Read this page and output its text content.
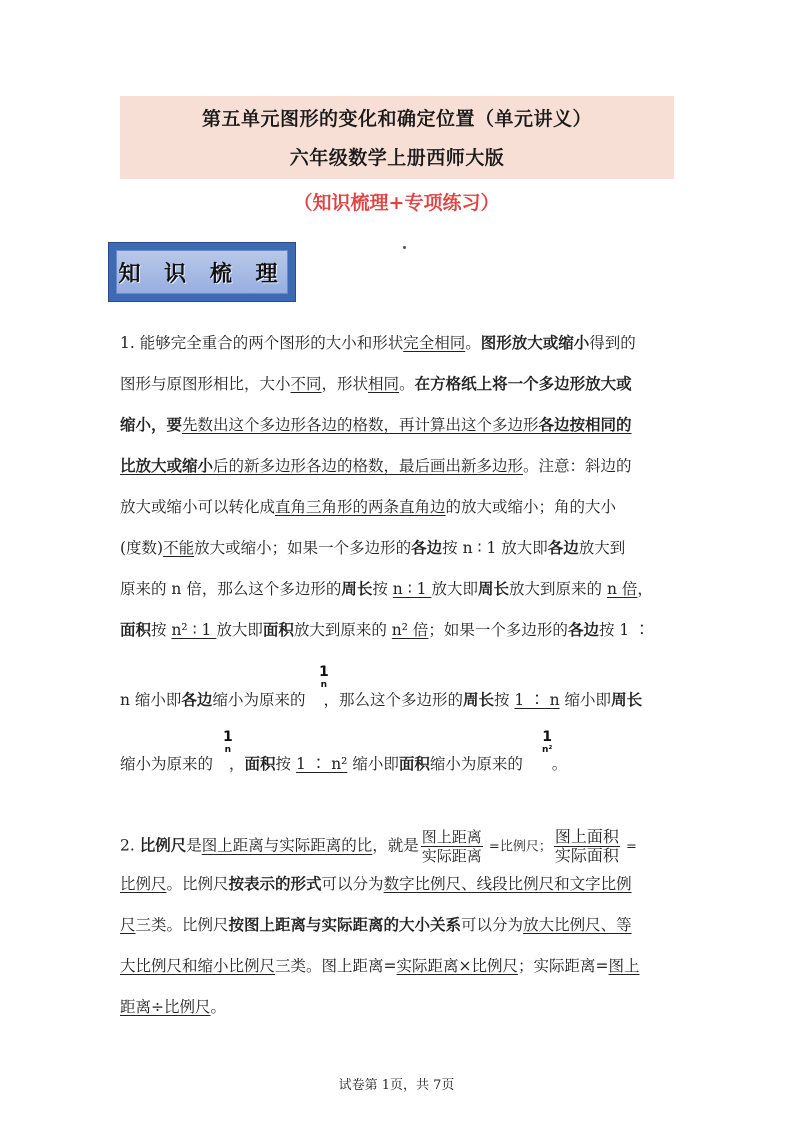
第五单元图形的变化和确定位置（单元讲义）
六年级数学上册西师大版
（知识梳理+专项练习）
知 识 梳 理
1. 能够完全重合的两个图形的大小和形状完全相同。图形放大或缩小得到的
图形与原图形相比，大小不同，形状相同。在方格纸上将一个多边形放大或
缩小，要先数出这个多边形各边的格数，再计算出这个多边形各边按相同的
比放大或缩小后的新多边形各边的格数，最后画出新多边形。注意：斜边的
放大或缩小可以转化成直角三角形的两条直角边的放大或缩小；角的大小
(度数)不能放大或缩小；如果一个多边形的各边按 n ∶ 1 放大即各边放大到
原来的 n 倍，那么这个多边形的周长按 n ∶ 1 放大即周长放大到原来的 n 倍，
面积按 n² ∶ 1 放大即面积放大到原来的 n² 倍；如果一个多边形的各边按 1 ∶
1
n
n 缩小即各边缩小为原来的 ，那么这个多边形的周长按 1 ∶ n 缩小即周长
1
n
1
n²
缩小为原来的 ，面积按 1 ∶ n² 缩小即面积缩小为原来的 。
2. 比例尺是图上距离与实际距离的比，就是 $\frac{\text{图上距离}}{\text{实际距离}}$ =比例尺； $\frac{\text{图上面积}}{\text{实际面积}}$ =
比例尺。比例尺按表示的形式可以分为数字比例尺、线段比例尺和文字比例
尺三类。比例尺按图上距离与实际距离的大小关系可以分为放大比例尺、等
大比例尺和缩小比例尺三类。图上距离=实际距离×比例尺；实际距离=图上
距离÷比例尺。
试卷第 1页，共 7页
